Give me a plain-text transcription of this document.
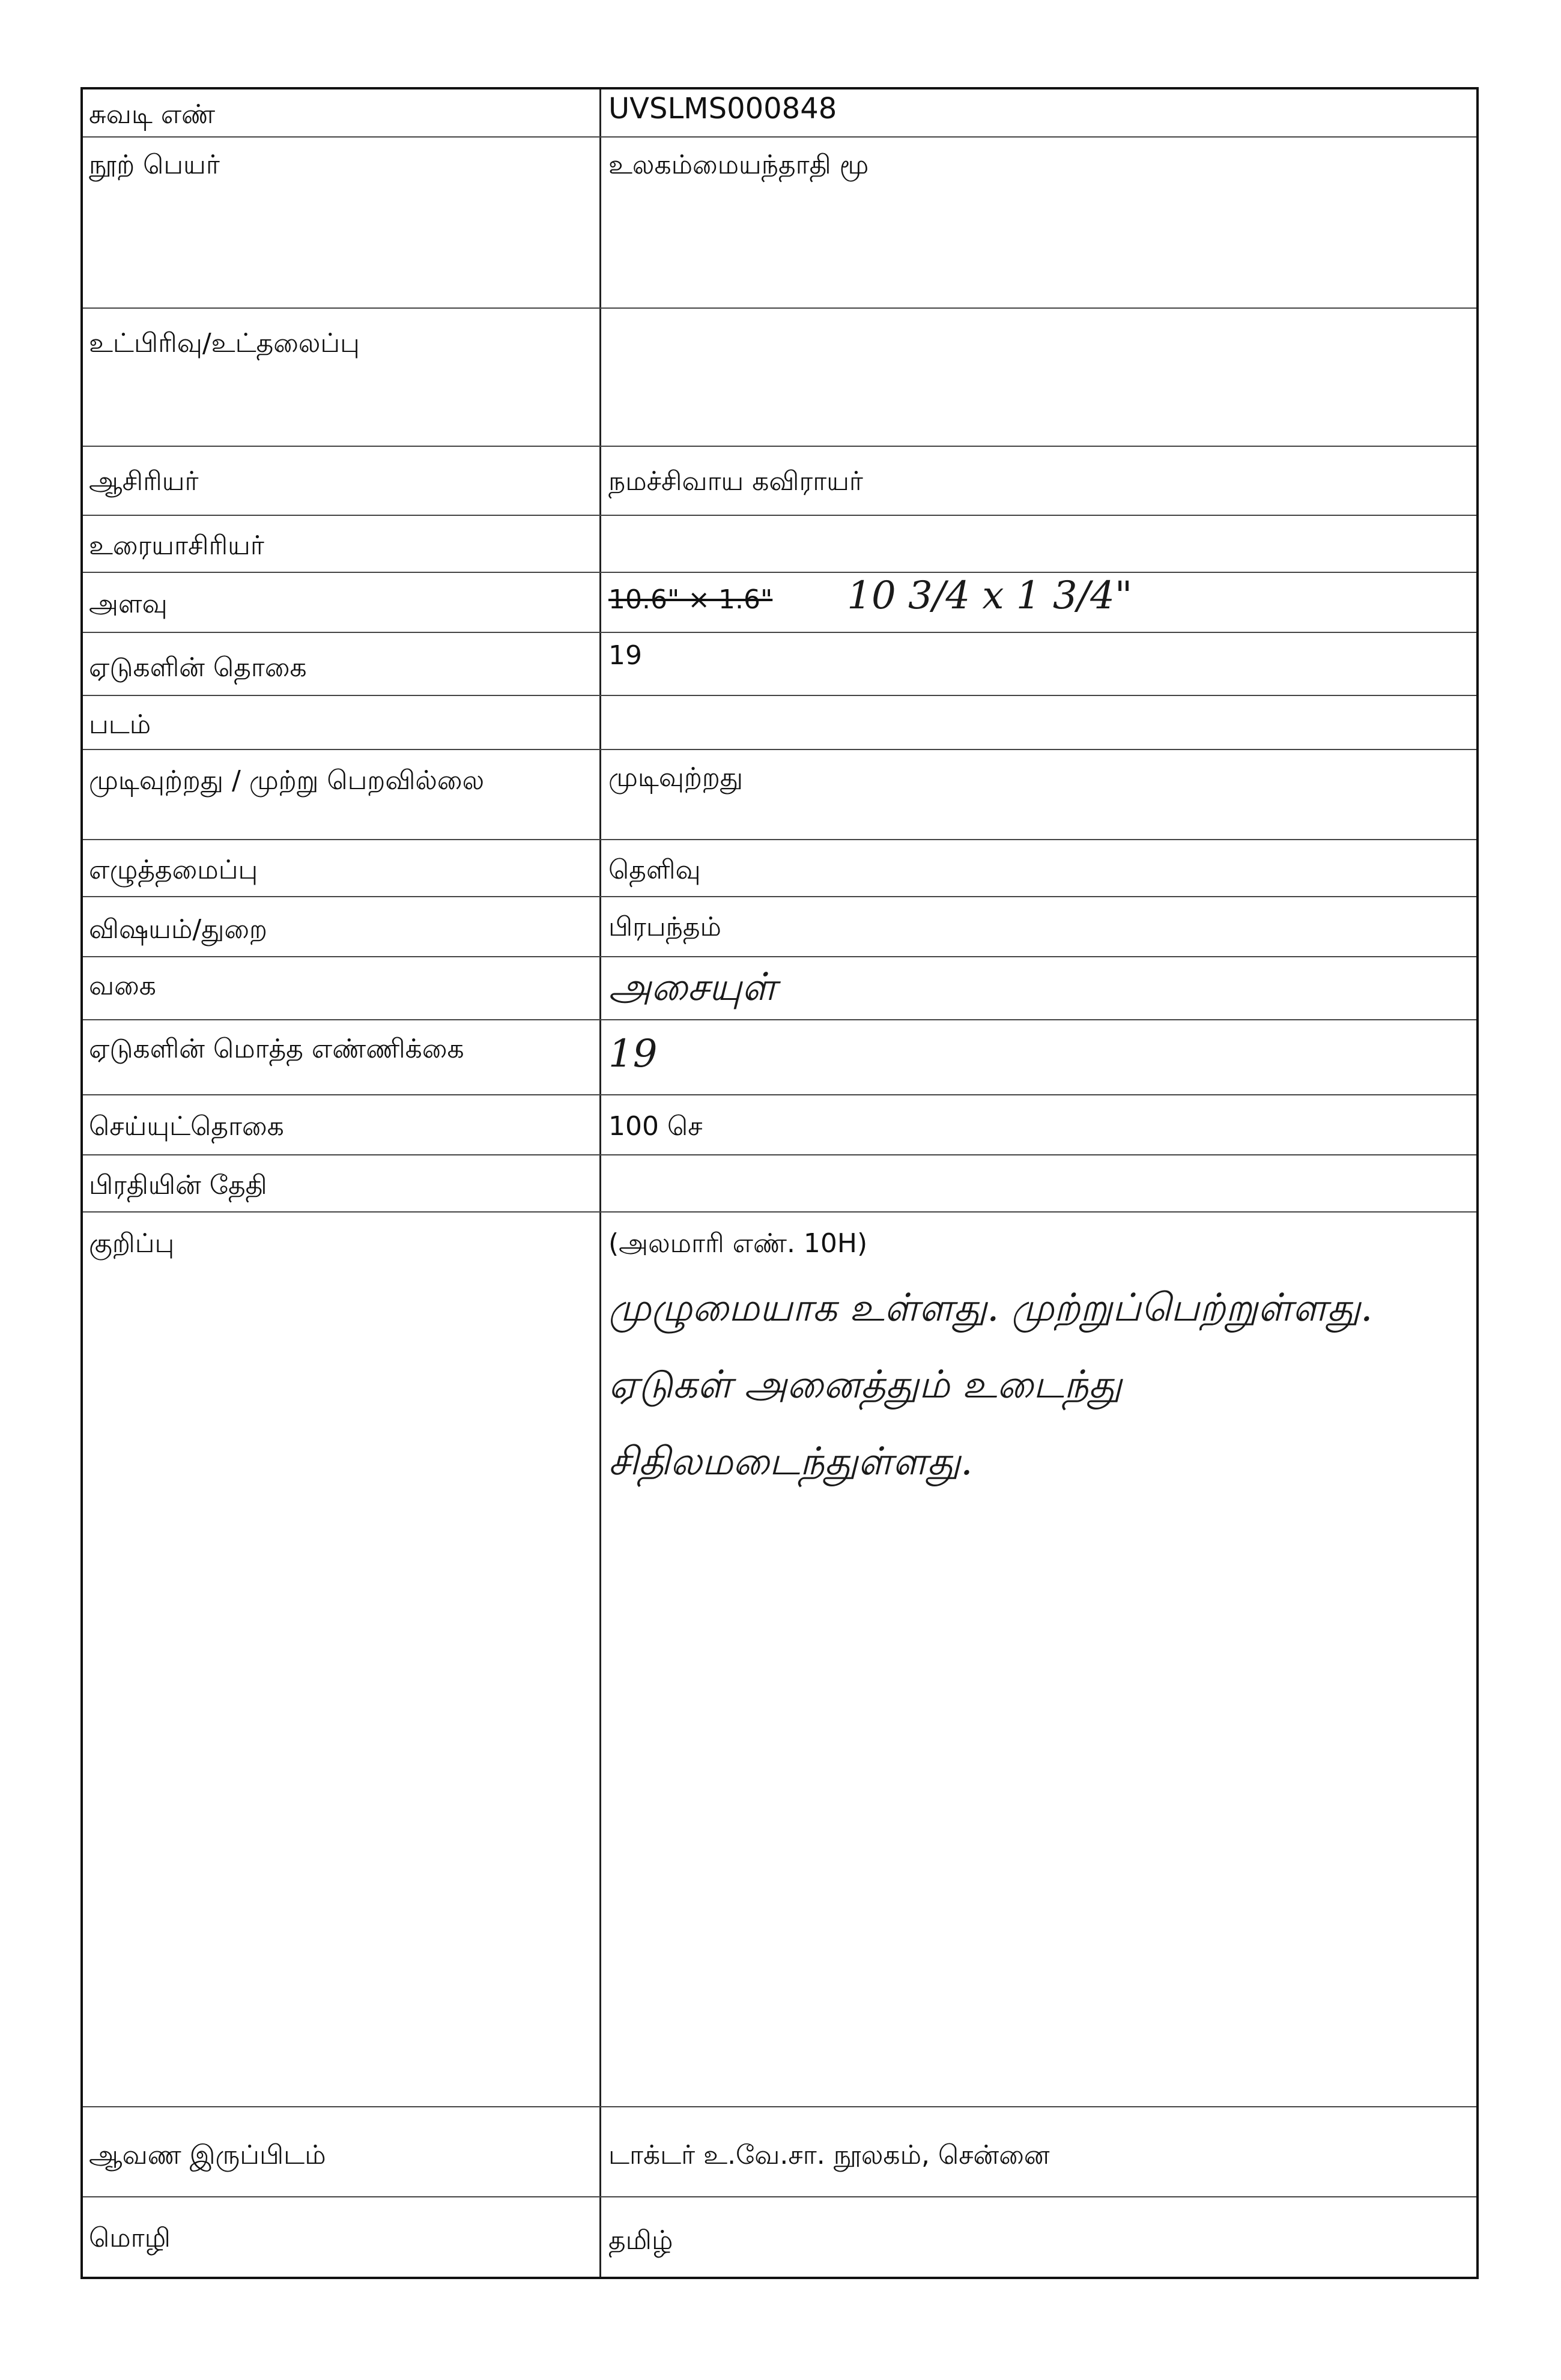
சுவடி எண்	UVSLMS000848
நூற் பெயர்	உலகம்மையந்தாதி மூ
உட்பிரிவு/உட்தலைப்பு
ஆசிரியர்	நமச்சிவாய கவிராயர்
உரையாசிரியர்
அளவு	10.6" × 1.6" 10 3/4 x 1 3/4"
ஏடுகளின் தொகை	19
படம்
முடிவுற்றது / முற்று பெறவில்லை	முடிவுற்றது
எழுத்தமைப்பு	தெளிவு
விஷயம்/துறை	பிரபந்தம்
வகை	அசையுள்
ஏடுகளின் மொத்த எண்ணிக்கை	19
செய்யுட்தொகை	100 செ
பிரதியின் தேதி
குறிப்பு	(அலமாரி எண். 10H)
முழுமையாக உள்ளது. முற்றுப்பெற்றுள்ளது. ஏடுகள் அனைத்தும் உடைந்து சிதிலமடைந்துள்ளது.
ஆவண இருப்பிடம்	டாக்டர் உ.வே.சா. நூலகம், சென்னை
மொழி	தமிழ்
